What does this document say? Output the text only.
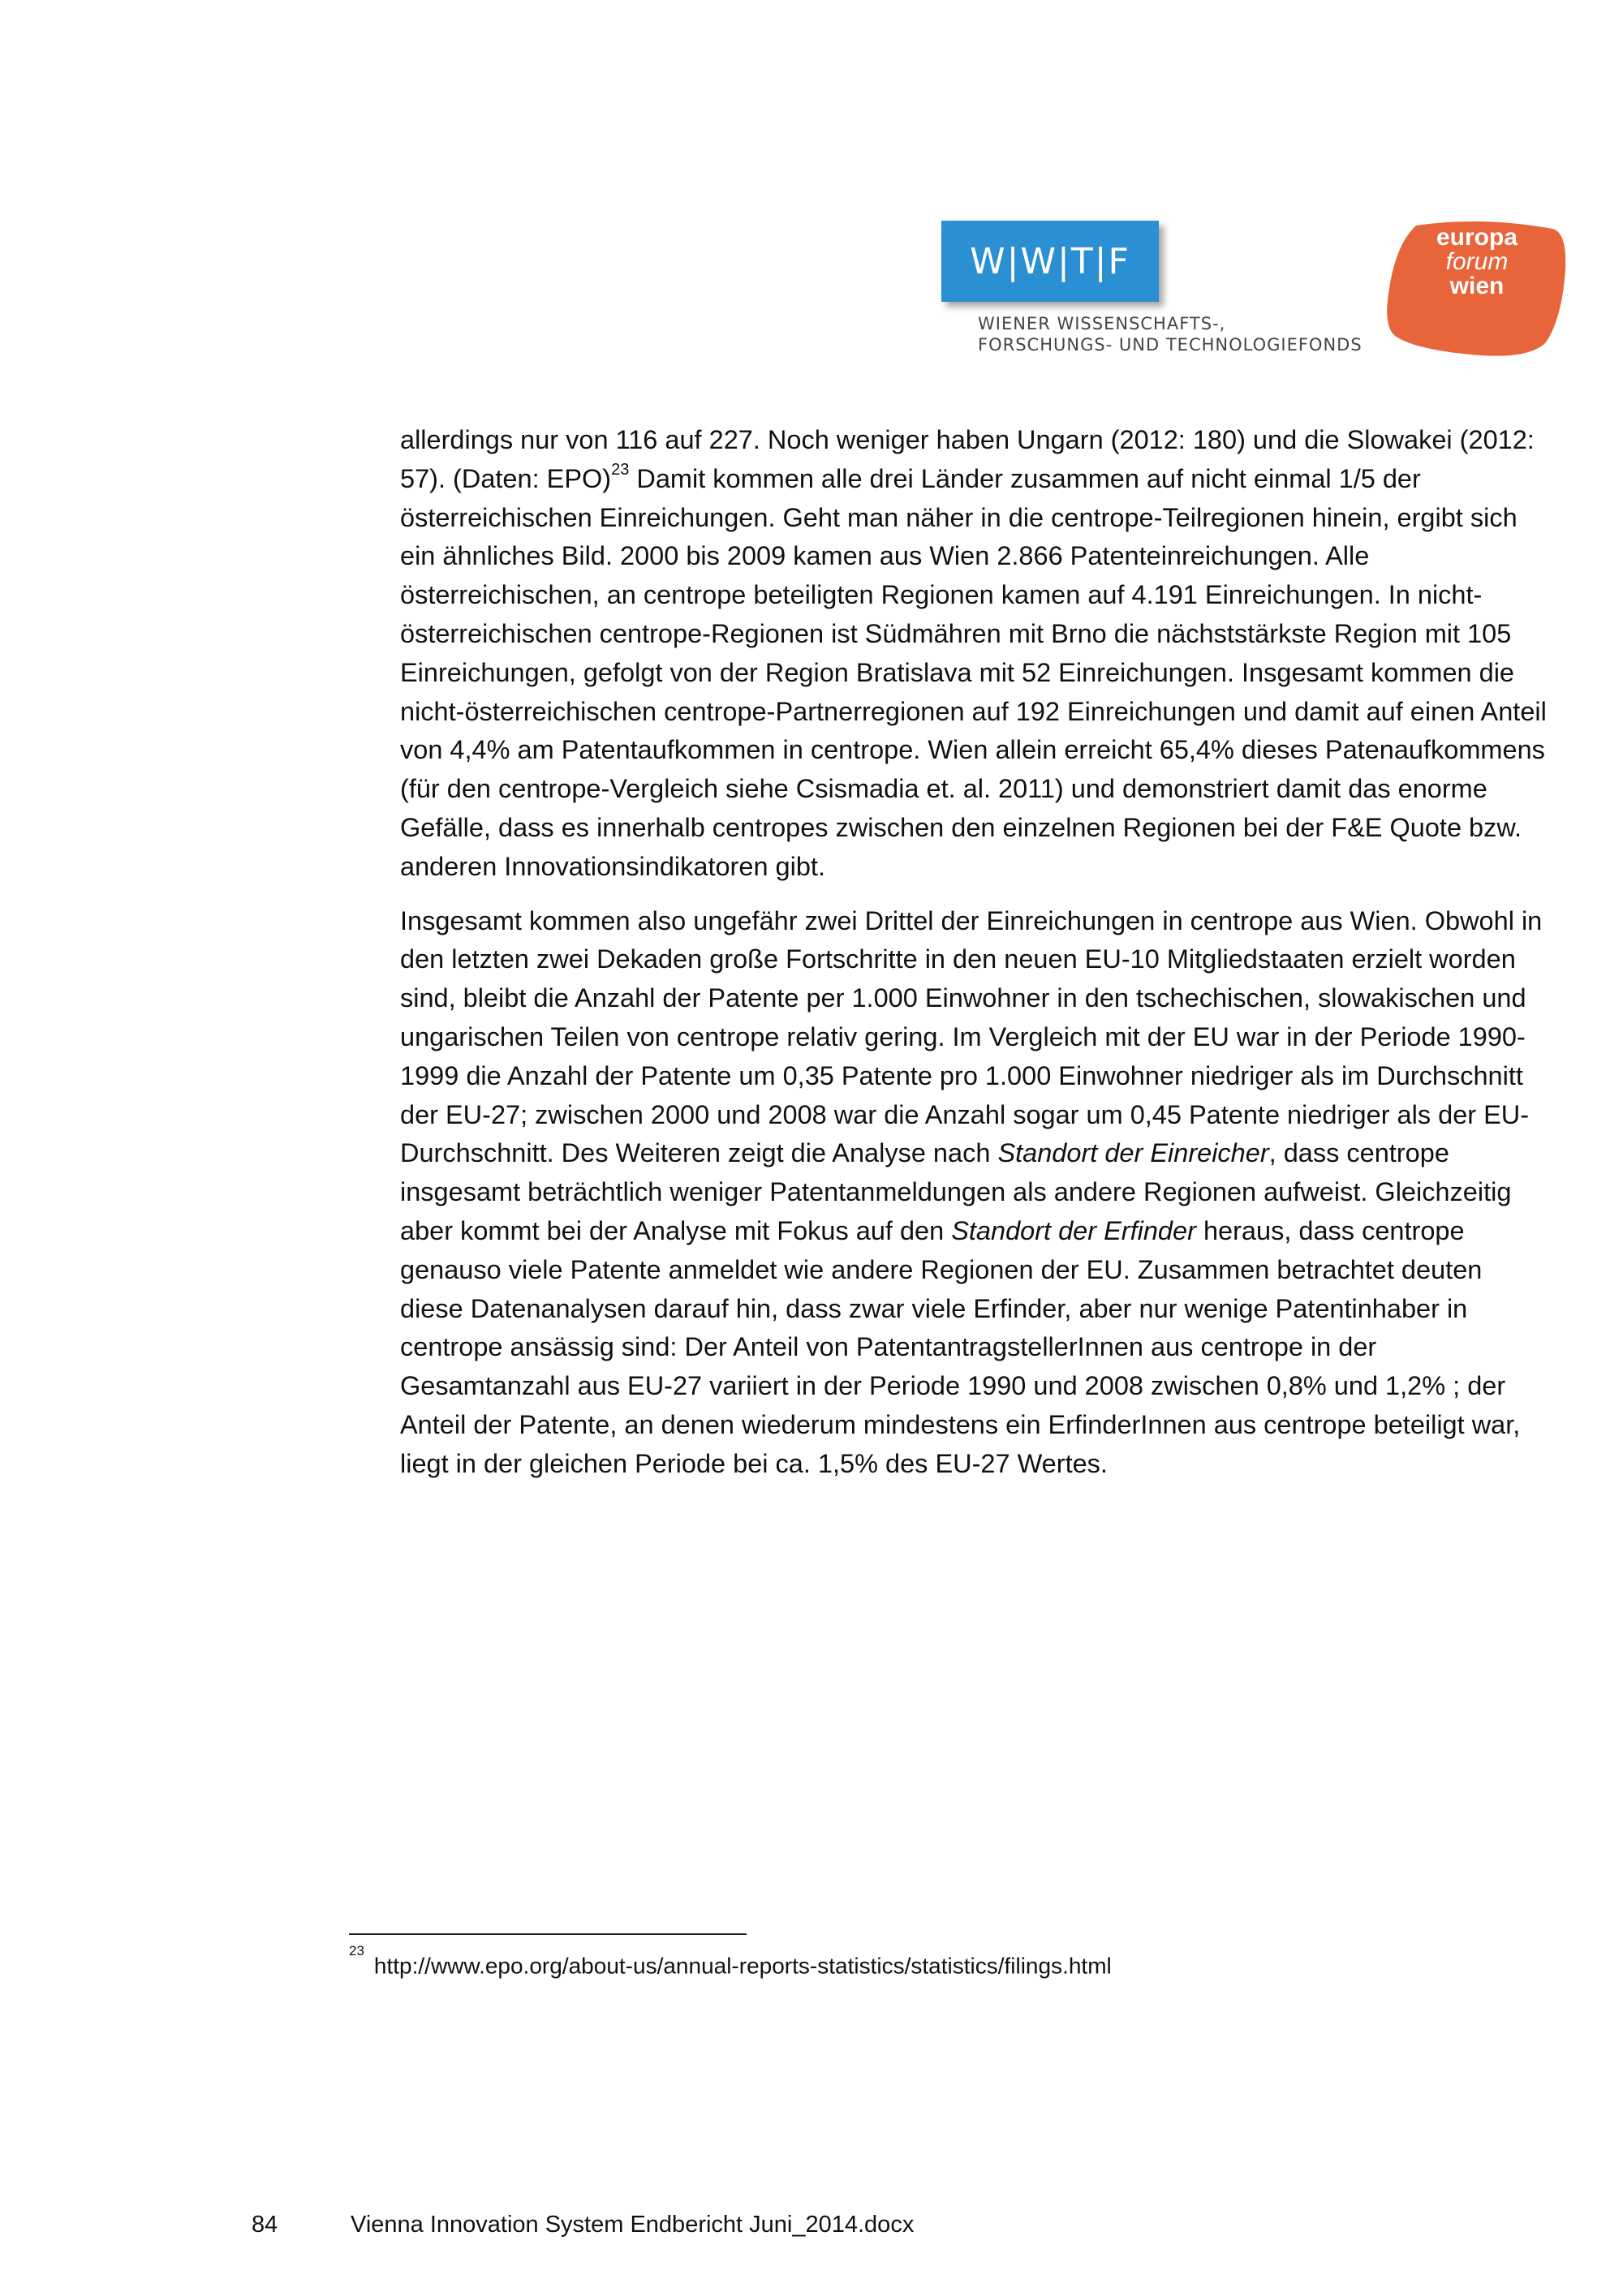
W|W|T|F
WIENER WISSENSCHAFTS-,
FORSCHUNGS- UND TECHNOLOGIEFONDS
europa
forum
wien

allerdings nur von 116 auf 227. Noch weniger haben Ungarn (2012: 180) und die Slowakei (2012: 57). (Daten: EPO)$^{23}$ Damit kommen alle drei Länder zusammen auf nicht einmal 1/5 der österreichischen Einreichungen. Geht man näher in die centrope-Teilregionen hinein, ergibt sich ein ähnliches Bild. 2000 bis 2009 kamen aus Wien 2.866 Patenteinreichungen. Alle österreichischen, an centrope beteiligten Regionen kamen auf 4.191 Einreichungen. In nicht-österreichischen centrope-Regionen ist Südmähren mit Brno die nächststärkste Region mit 105 Einreichungen, gefolgt von der Region Bratislava mit 52 Einreichungen. Insgesamt kommen die nicht-österreichischen centrope-Partnerregionen auf 192 Einreichungen und damit auf einen Anteil von 4,4% am Patentaufkommen in centrope. Wien allein erreicht 65,4% dieses Patenaufkommens (für den centrope-Vergleich siehe Csismadia et. al. 2011) und demonstriert damit das enorme Gefälle, dass es innerhalb centropes zwischen den einzelnen Regionen bei der F&E Quote bzw. anderen Innovationsindikatoren gibt.

Insgesamt kommen also ungefähr zwei Drittel der Einreichungen in centrope aus Wien. Obwohl in den letzten zwei Dekaden große Fortschritte in den neuen EU-10 Mitgliedstaaten erzielt worden sind, bleibt die Anzahl der Patente per 1.000 Einwohner in den tschechischen, slowakischen und ungarischen Teilen von centrope relativ gering. Im Vergleich mit der EU war in der Periode 1990-1999 die Anzahl der Patente um 0,35 Patente pro 1.000 Einwohner niedriger als im Durchschnitt der EU-27; zwischen 2000 und 2008 war die Anzahl sogar um 0,45 Patente niedriger als der EU-Durchschnitt. Des Weiteren zeigt die Analyse nach Standort der Einreicher, dass centrope insgesamt beträchtlich weniger Patentanmeldungen als andere Regionen aufweist. Gleichzeitig aber kommt bei der Analyse mit Fokus auf den Standort der Erfinder heraus, dass centrope genauso viele Patente anmeldet wie andere Regionen der EU. Zusammen betrachtet deuten diese Datenanalysen darauf hin, dass zwar viele Erfinder, aber nur wenige Patentinhaber in centrope ansässig sind: Der Anteil von PatentantragstellerInnen aus centrope in der Gesamtanzahl aus EU-27 variiert in der Periode 1990 und 2008 zwischen 0,8% und 1,2% ; der Anteil der Patente, an denen wiederum mindestens ein ErfinderInnen aus centrope beteiligt war, liegt in der gleichen Periode bei ca. 1,5% des EU-27 Wertes.

$^{23}$http://www.epo.org/about-us/annual-reports-statistics/statistics/filings.html
84	Vienna Innovation System Endbericht Juni_2014.docx
